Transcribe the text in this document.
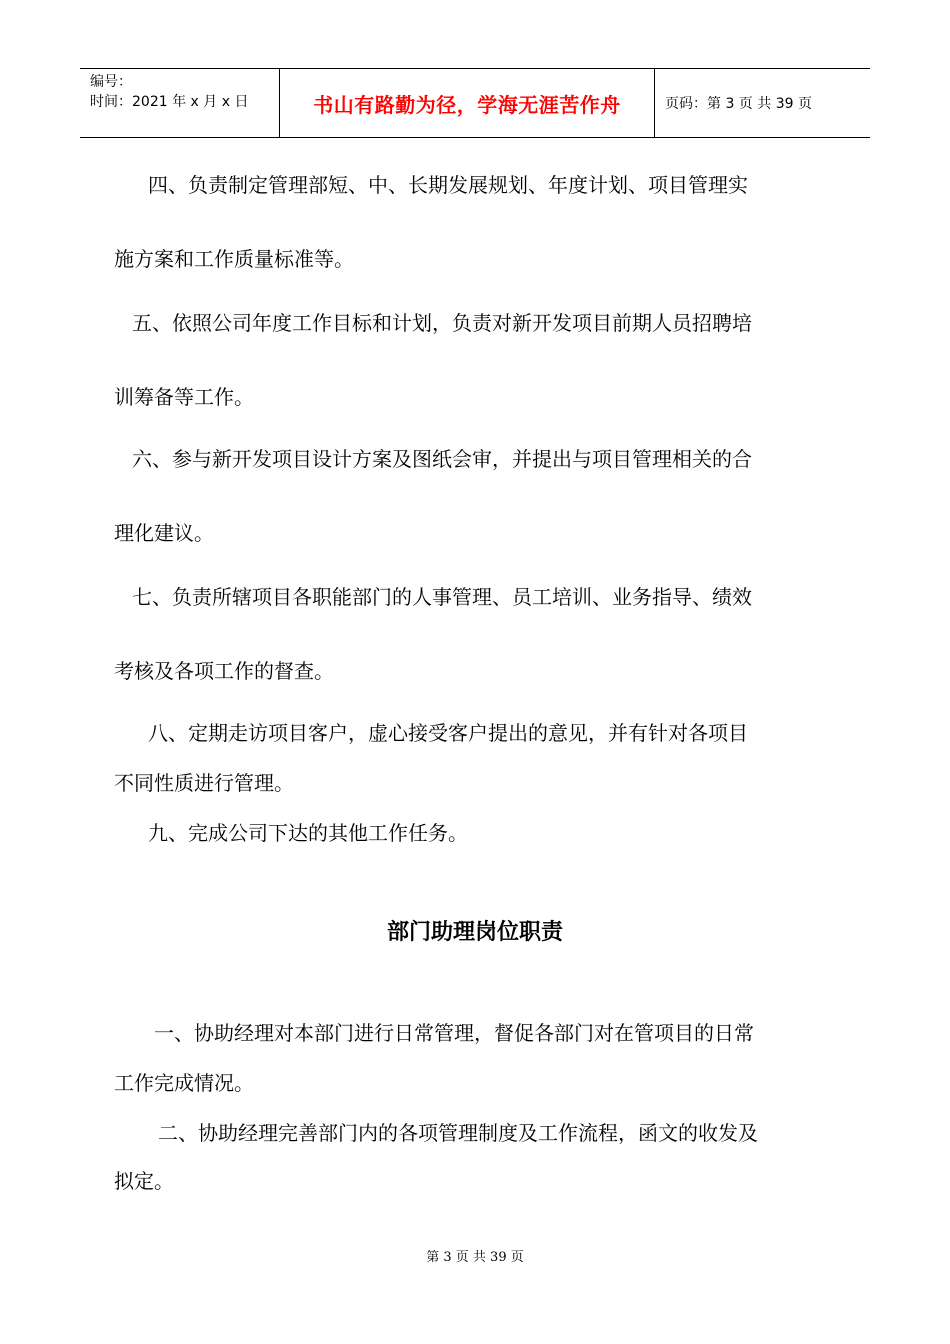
编号：
时间：2021 年 x 月 x 日	书山有路勤为径，学海无涯苦作舟	页码：第 3 页 共 39 页
四、负责制定管理部短、中、长期发展规划、年度计划、项目管理实
施方案和工作质量标准等。
五、依照公司年度工作目标和计划，负责对新开发项目前期人员招聘培
训筹备等工作。
六、参与新开发项目设计方案及图纸会审，并提出与项目管理相关的合
理化建议。
七、负责所辖项目各职能部门的人事管理、员工培训、业务指导、绩效
考核及各项工作的督查。
八、定期走访项目客户，虚心接受客户提出的意见，并有针对各项目
不同性质进行管理。
九、完成公司下达的其他工作任务。
部门助理岗位职责
一、协助经理对本部门进行日常管理，督促各部门对在管项目的日常
工作完成情况。
二、协助经理完善部门内的各项管理制度及工作流程，函文的收发及
拟定。
第 3 页 共 39 页
